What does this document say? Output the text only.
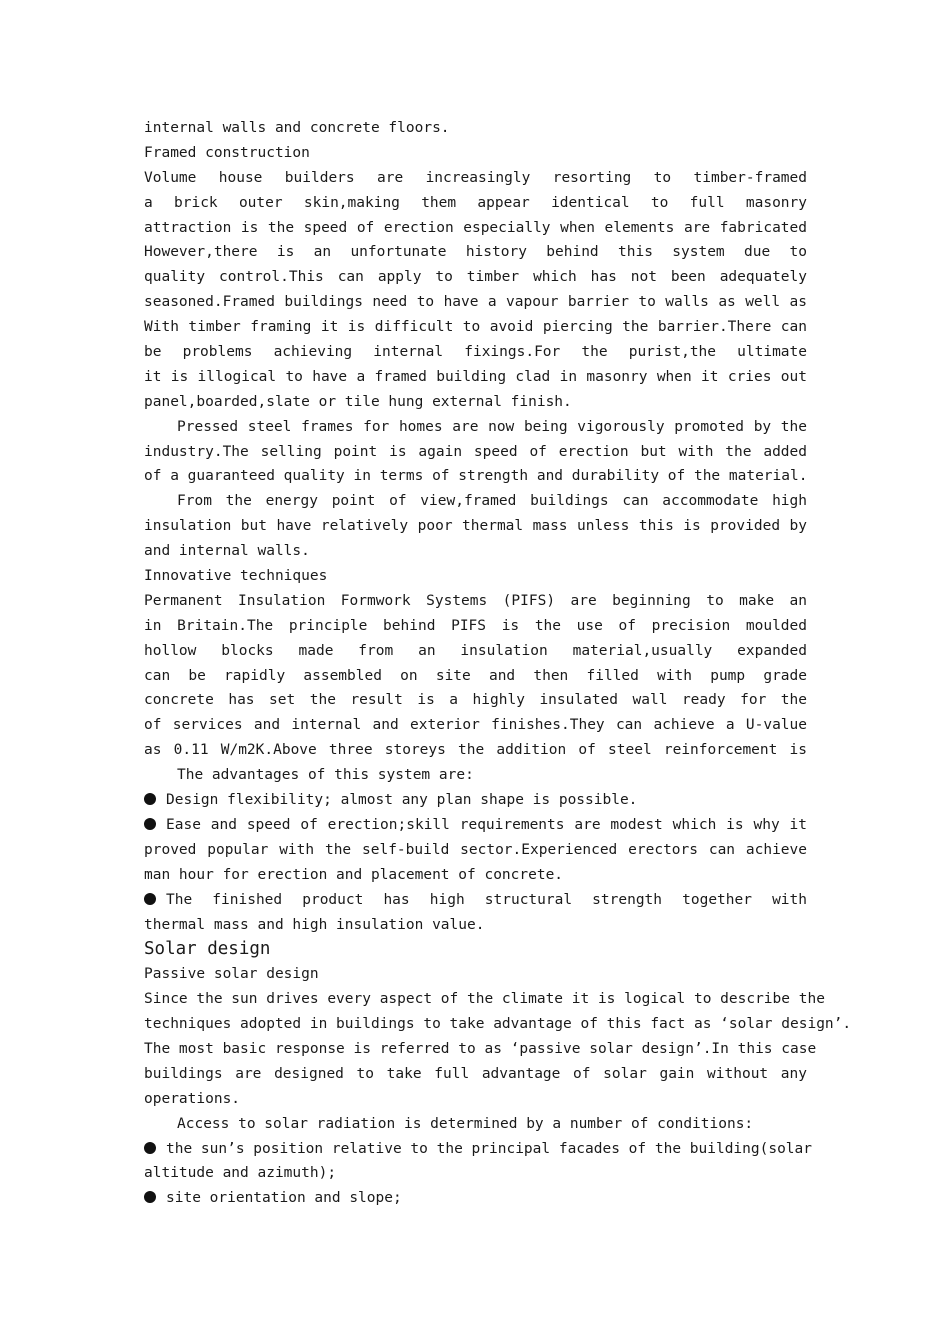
internal walls and concrete floors.
Framed construction
Volume house builders are increasingly resorting to timber-framed
a brick outer skin,making them appear identical to full masonry
attraction is the speed of erection especially when elements are fabricated
However,there is an unfortunate history behind this system due to
quality control.This can apply to timber which has not been adequately
seasoned.Framed buildings need to have a vapour barrier to walls as well as
With timber framing it is difficult to avoid piercing the barrier.There can
be problems achieving internal fixings.For the purist,the ultimate
it is illogical to have a framed building clad in masonry when it cries out
panel,boarded,slate or tile hung external finish.
Pressed steel frames for homes are now being vigorously promoted by the
industry.The selling point is again speed of erection but with the added
of a guaranteed quality in terms of strength and durability of the material.
From the energy point of view,framed buildings can accommodate high
insulation but have relatively poor thermal mass unless this is provided by
and internal walls.
Innovative techniques
Permanent Insulation Formwork Systems (PIFS) are beginning to make an
in Britain.The principle behind PIFS is the use of precision moulded
hollow blocks made from an insulation material,usually expanded
can be rapidly assembled on site and then filled with pump grade
concrete has set the result is a highly insulated wall ready for the
of services and internal and exterior finishes.They can achieve a U-value
as 0.11 W/m2K.Above three storeys the addition of steel reinforcement is
The advantages of this system are:
Design flexibility; almost any plan shape is possible.
Ease and speed of erection;skill requirements are modest which is why it
proved popular with the self-build sector.Experienced erectors can achieve
man hour for erection and placement of concrete.
The finished product has high structural strength together with
thermal mass and high insulation value.
Solar design
Passive solar design
Since the sun drives every aspect of the climate it is logical to describe the
techniques adopted in buildings to take advantage of this fact as ‘solar design’.
The most basic response is referred to as ‘passive solar design’.In this case
buildings are designed to take full advantage of solar gain without any
operations.
Access to solar radiation is determined by a number of conditions:
the sun’s position relative to the principal facades of the building(solar
altitude and azimuth);
site orientation and slope;
